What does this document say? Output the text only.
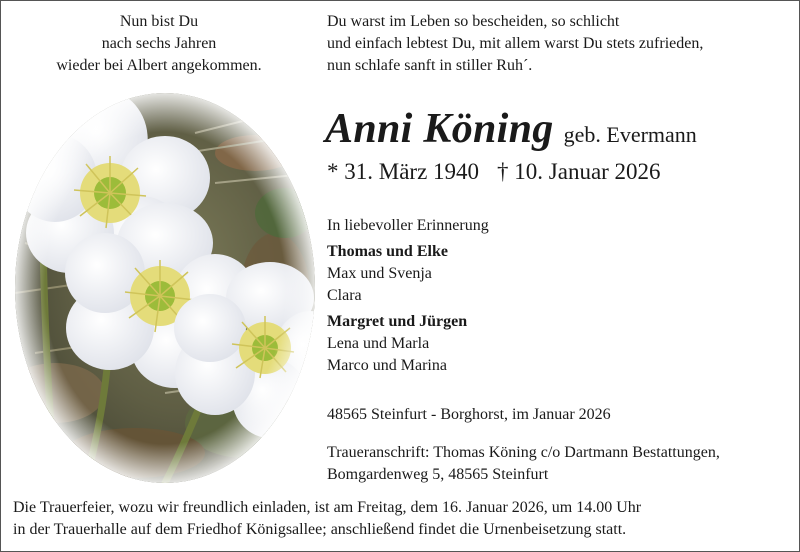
Nun bist Du
nach sechs Jahren
wieder bei Albert angekommen.
Du warst im Leben so bescheiden, so schlicht
und einfach lebtest Du, mit allem warst Du stets zufrieden,
nun schlafe sanft in stiller Ruh´.
Anni Köning geb. Evermann
* 31. März 1940 † 10. Januar 2026
In liebevoller Erinnerung
Thomas und Elke
Max und Svenja
Clara
Margret und Jürgen
Lena und Marla
Marco und Marina
48565 Steinfurt - Borghorst, im Januar 2026
Traueranschrift: Thomas Köning c/o Dartmann Bestattungen,
Bomgardenweg 5, 48565 Steinfurt
Die Trauerfeier, wozu wir freundlich einladen, ist am Freitag, dem 16. Januar 2026, um 14.00 Uhr
in der Trauerhalle auf dem Friedhof Königsallee; anschließend findet die Urnenbeisetzung statt.
